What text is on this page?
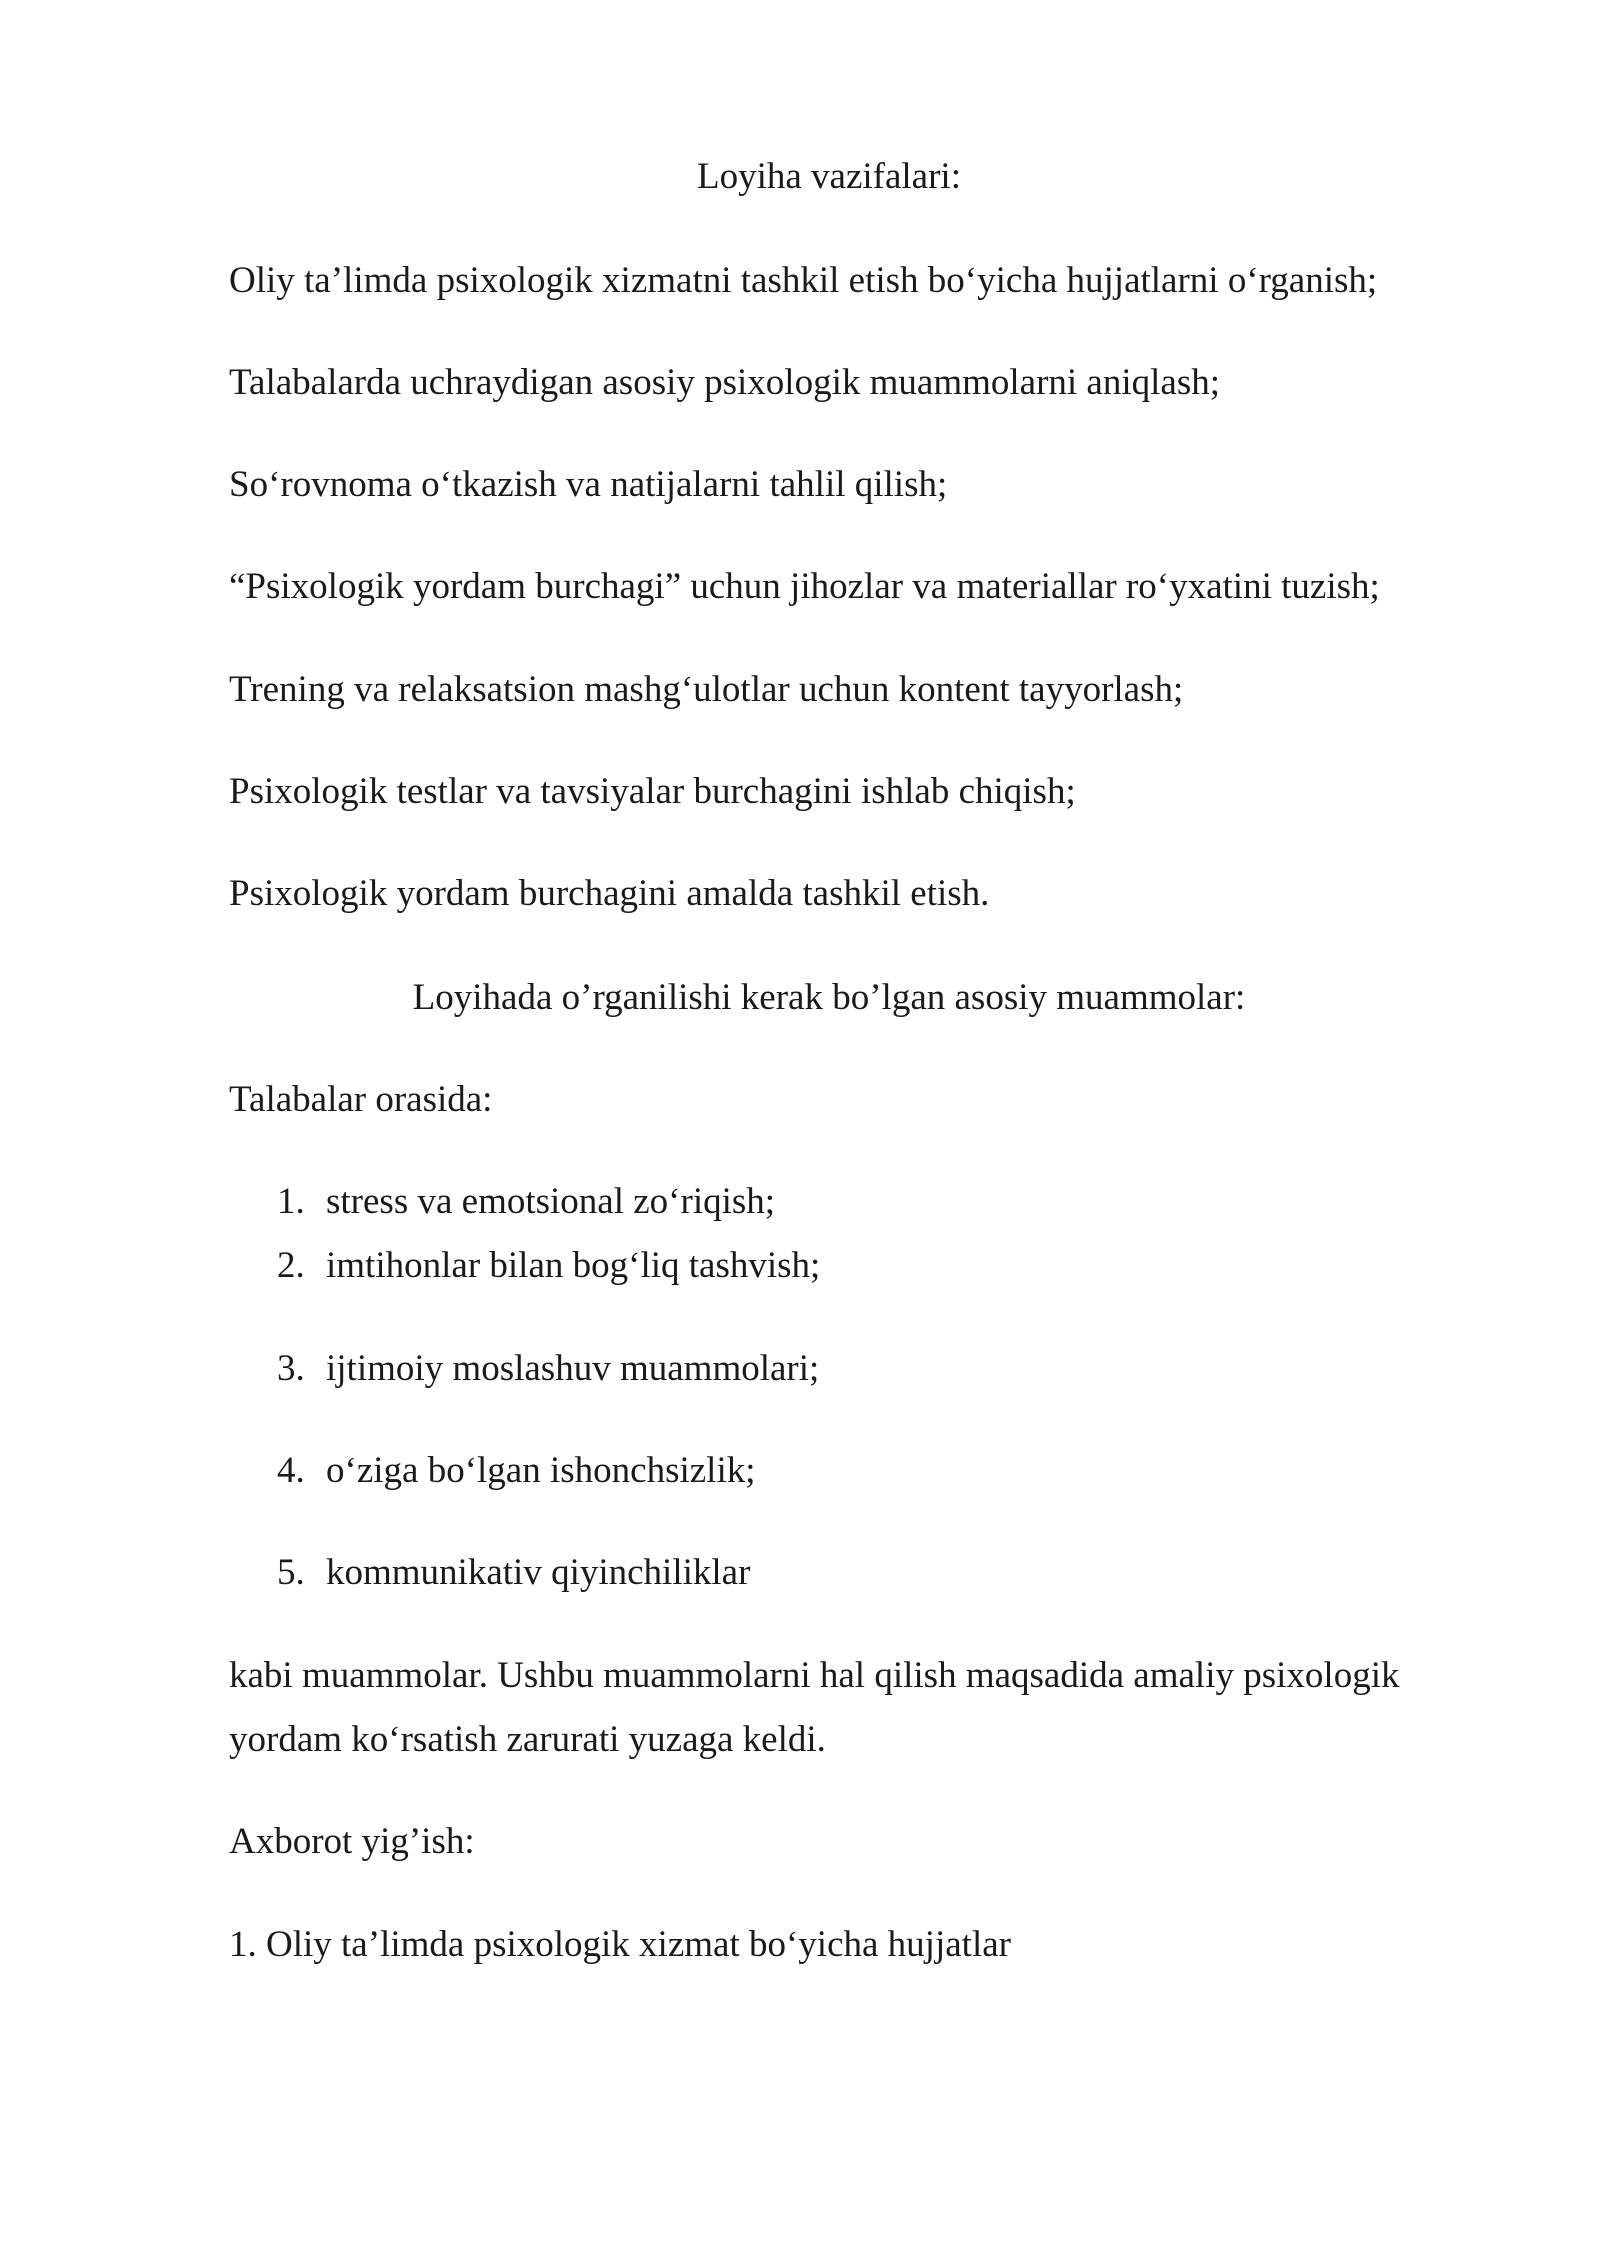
Loyiha vazifalari:
Oliy ta’limda psixologik xizmatni tashkil etish bo‘yicha hujjatlarni o‘rganish;
Talabalarda uchraydigan asosiy psixologik muammolarni aniqlash;
So‘rovnoma o‘tkazish va natijalarni tahlil qilish;
“Psixologik yordam burchagi” uchun jihozlar va materiallar ro‘yxatini tuzish;
Trening va relaksatsion mashg‘ulotlar uchun kontent tayyorlash;
Psixologik testlar va tavsiyalar burchagini ishlab chiqish;
Psixologik yordam burchagini amalda tashkil etish.
Loyihada o’rganilishi kerak bo’lgan asosiy muammolar:
Talabalar orasida:
1. stress va emotsional zo‘riqish;
2. imtihonlar bilan bog‘liq tashvish;
3. ijtimoiy moslashuv muammolari;
4. o‘ziga bo‘lgan ishonchsizlik;
5. kommunikativ qiyinchiliklar
kabi muammolar. Ushbu muammolarni hal qilish maqsadida amaliy psixologik
yordam ko‘rsatish zarurati yuzaga keldi.
Axborot yig’ish:
1. Oliy ta’limda psixologik xizmat bo‘yicha hujjatlar
